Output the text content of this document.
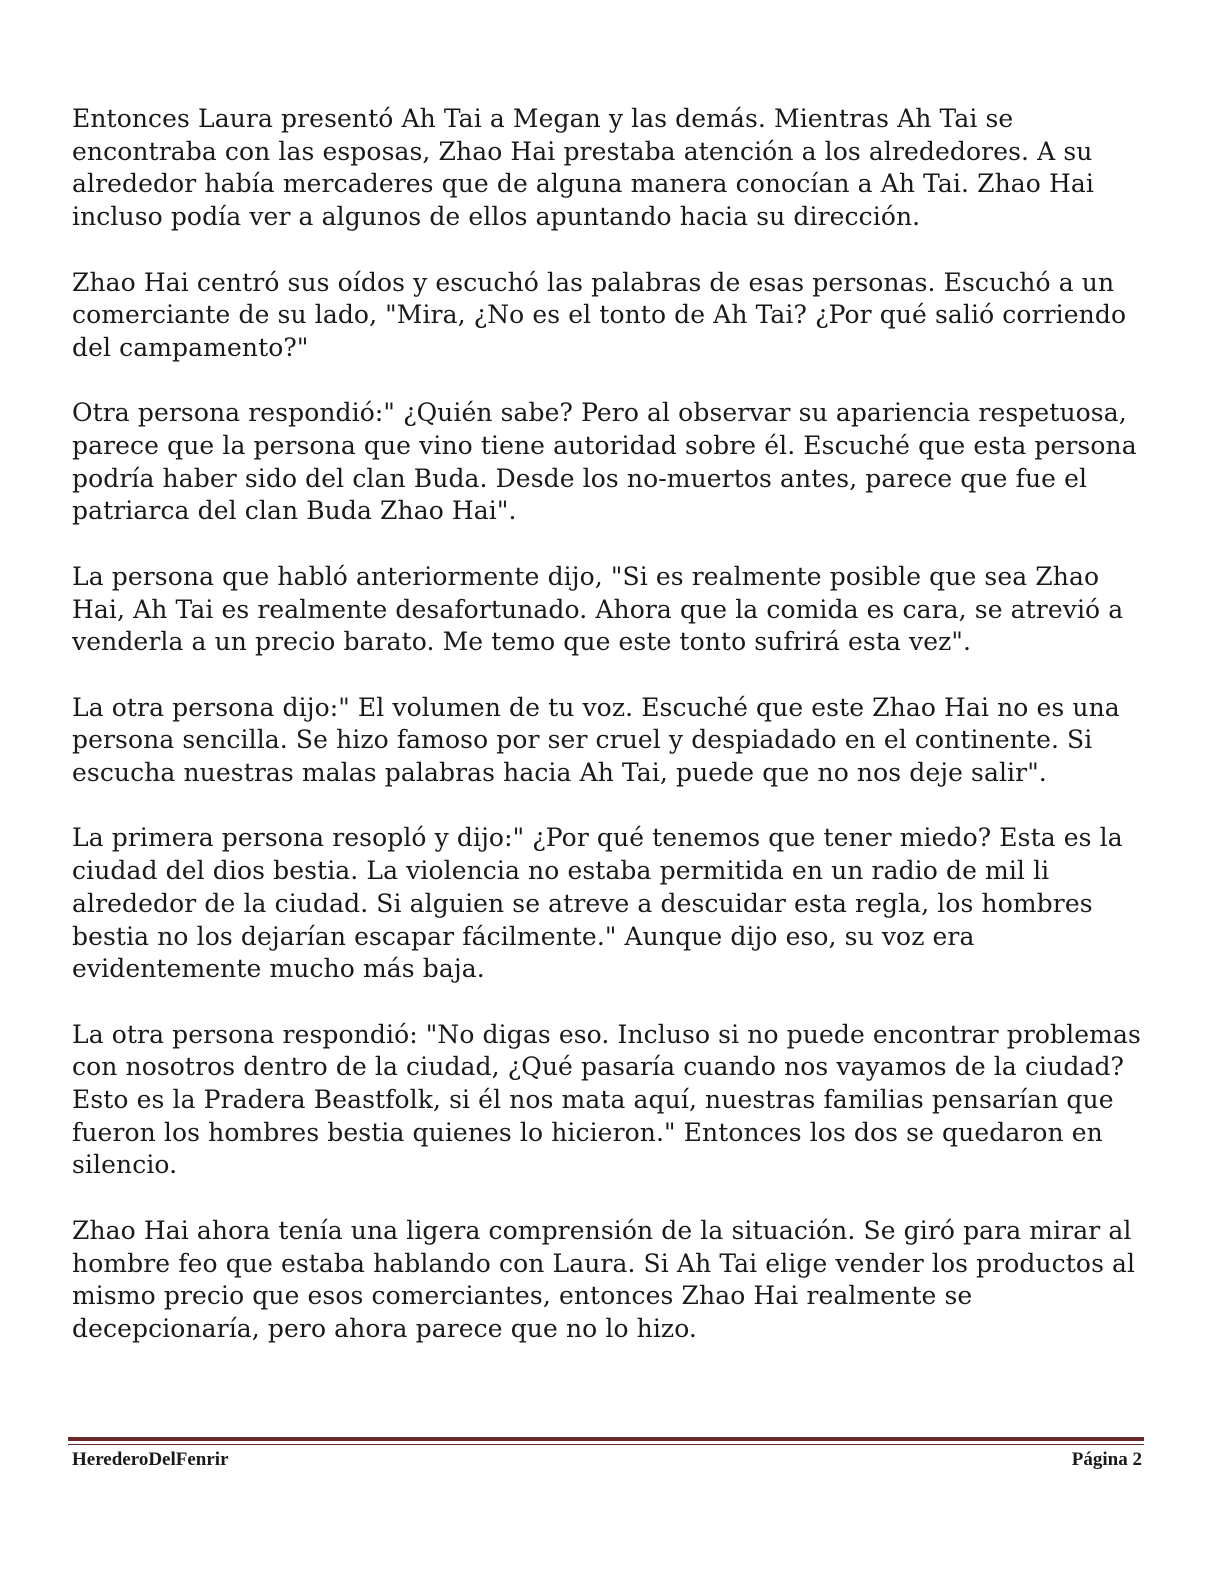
Entonces Laura presentó Ah Tai a Megan y las demás. Mientras Ah Tai se encontraba con las esposas, Zhao Hai prestaba atención a los alrededores. A su alrededor había mercaderes que de alguna manera conocían a Ah Tai. Zhao Hai incluso podía ver a algunos de ellos apuntando hacia su dirección.

Zhao Hai centró sus oídos y escuchó las palabras de esas personas. Escuchó a un comerciante de su lado, "Mira, ¿No es el tonto de Ah Tai? ¿Por qué salió corriendo del campamento?"

Otra persona respondió:" ¿Quién sabe? Pero al observar su apariencia respetuosa, parece que la persona que vino tiene autoridad sobre él. Escuché que esta persona podría haber sido del clan Buda. Desde los no-muertos antes, parece que fue el patriarca del clan Buda Zhao Hai".

La persona que habló anteriormente dijo, "Si es realmente posible que sea Zhao Hai, Ah Tai es realmente desafortunado. Ahora que la comida es cara, se atrevió a venderla a un precio barato. Me temo que este tonto sufrirá esta vez".

La otra persona dijo:" El volumen de tu voz. Escuché que este Zhao Hai no es una persona sencilla. Se hizo famoso por ser cruel y despiadado en el continente. Si escucha nuestras malas palabras hacia Ah Tai, puede que no nos deje salir".

La primera persona resopló y dijo:" ¿Por qué tenemos que tener miedo? Esta es la ciudad del dios bestia. La violencia no estaba permitida en un radio de mil li alrededor de la ciudad. Si alguien se atreve a descuidar esta regla, los hombres bestia no los dejarían escapar fácilmente." Aunque dijo eso, su voz era evidentemente mucho más baja.

La otra persona respondió: "No digas eso. Incluso si no puede encontrar problemas con nosotros dentro de la ciudad, ¿Qué pasaría cuando nos vayamos de la ciudad? Esto es la Pradera Beastfolk, si él nos mata aquí, nuestras familias pensarían que fueron los hombres bestia quienes lo hicieron." Entonces los dos se quedaron en silencio.

Zhao Hai ahora tenía una ligera comprensión de la situación. Se giró para mirar al hombre feo que estaba hablando con Laura. Si Ah Tai elige vender los productos al mismo precio que esos comerciantes, entonces Zhao Hai realmente se decepcionaría, pero ahora parece que no lo hizo.

HerederoDelFenrir	Página 2
